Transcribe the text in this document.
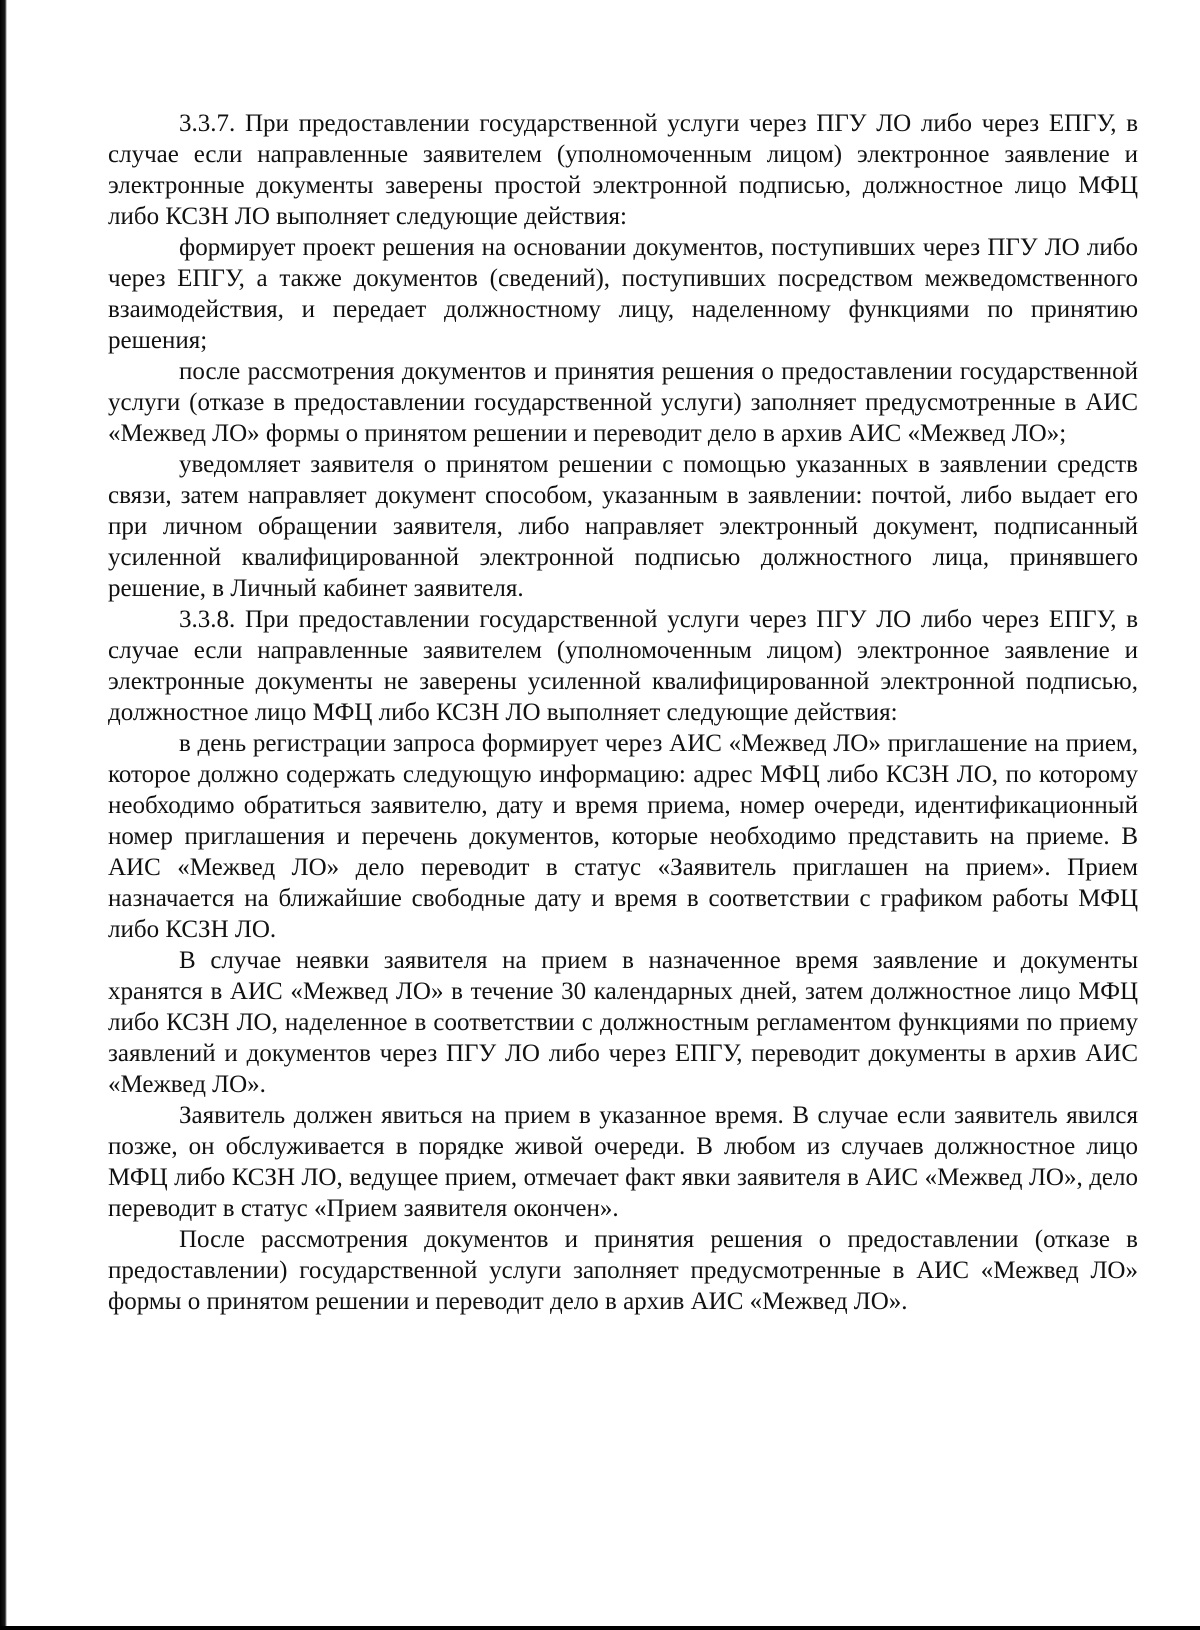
3.3.7. При предоставлении государственной услуги через ПГУ ЛО либо через ЕПГУ, в случае если направленные заявителем (уполномоченным лицом) электронное заявление и электронные документы заверены простой электронной подписью, должностное лицо МФЦ либо КСЗН ЛО выполняет следующие действия:

формирует проект решения на основании документов, поступивших через ПГУ ЛО либо через ЕПГУ, а также документов (сведений), поступивших посредством межведомственного взаимодействия, и передает должностному лицу, наделенному функциями по принятию решения;

после рассмотрения документов и принятия решения о предоставлении государственной услуги (отказе в предоставлении государственной услуги) заполняет предусмотренные в АИС «Межвед ЛО» формы о принятом решении и переводит дело в архив АИС «Межвед ЛО»;

уведомляет заявителя о принятом решении с помощью указанных в заявлении средств связи, затем направляет документ способом, указанным в заявлении: почтой, либо выдает его при личном обращении заявителя, либо направляет электронный документ, подписанный усиленной квалифицированной электронной подписью должностного лица, принявшего решение, в Личный кабинет заявителя.

3.3.8. При предоставлении государственной услуги через ПГУ ЛО либо через ЕПГУ, в случае если направленные заявителем (уполномоченным лицом) электронное заявление и электронные документы не заверены усиленной квалифицированной электронной подписью, должностное лицо МФЦ либо КСЗН ЛО выполняет следующие действия:

в день регистрации запроса формирует через АИС «Межвед ЛО» приглашение на прием, которое должно содержать следующую информацию: адрес МФЦ либо КСЗН ЛО, по которому необходимо обратиться заявителю, дату и время приема, номер очереди, идентификационный номер приглашения и перечень документов, которые необходимо представить на приеме. В АИС «Межвед ЛО» дело переводит в статус «Заявитель приглашен на прием». Прием назначается на ближайшие свободные дату и время в соответствии с графиком работы МФЦ либо КСЗН ЛО.

В случае неявки заявителя на прием в назначенное время заявление и документы хранятся в АИС «Межвед ЛО» в течение 30 календарных дней, затем должностное лицо МФЦ либо КСЗН ЛО, наделенное в соответствии с должностным регламентом функциями по приему заявлений и документов через ПГУ ЛО либо через ЕПГУ, переводит документы в архив АИС «Межвед ЛО».

Заявитель должен явиться на прием в указанное время. В случае если заявитель явился позже, он обслуживается в порядке живой очереди. В любом из случаев должностное лицо МФЦ либо КСЗН ЛО, ведущее прием, отмечает факт явки заявителя в АИС «Межвед ЛО», дело переводит в статус «Прием заявителя окончен».

После рассмотрения документов и принятия решения о предоставлении (отказе в предоставлении) государственной услуги заполняет предусмотренные в АИС «Межвед ЛО» формы о принятом решении и переводит дело в архив АИС «Межвед ЛО».
